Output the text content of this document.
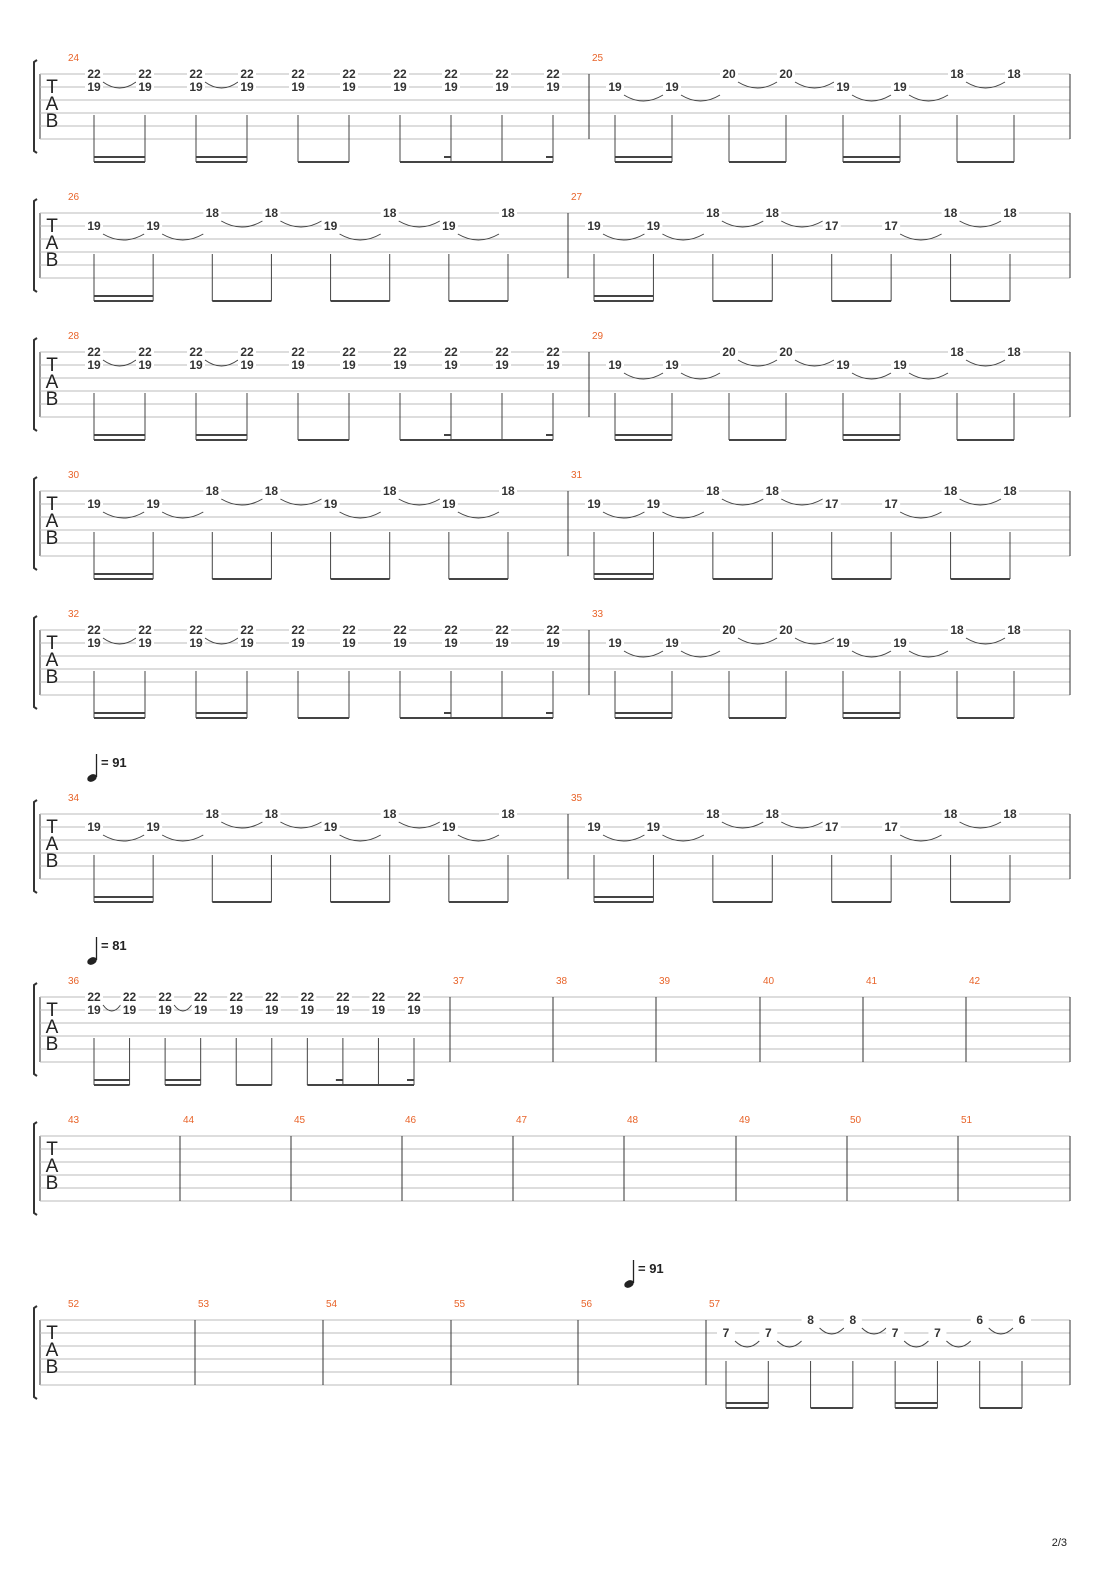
T
A
B
24
22
19
22
19
22
19
22
19
22
19
22
19
22
19
22
19
22
19
22
19
25
19	19
20	20
19	19
18	18
T
A
B
26
19	19
18	18
19
18
19
18
27
19	19
18	18
17	17
18	18
T
A
B
28
22
19
22
19
22
19
22
19
22
19
22
19
22
19
22
19
22
19
22
19
29
19	19
20	20
19	19
18	18
T
A
B
30
19	19
18	18
19
18
19
18
31
19	19
18	18
17	17
18	18
T
A
B
32
22
19
22
19
22
19
22
19
22
19
22
19
22
19
22
19
22
19
22
19
33
19	19
20	20
19	19
18	18
T
A
B
= 91
34
19	19
18	18
19
18
19
18
35
19	19
18	18
17	17
18	18
T
A
B
= 81
36
22
19
22
19
22
19
22
19
22
19
22
19
22
19
22
19
22
19
22
19
37	38	39	40	41	42
T
A
B
43	44	45	46	47	48	49	50	51
T
A
B
= 91
52	53	54	55	56	57
7	7
8	8
7	7
6	6
2/3
